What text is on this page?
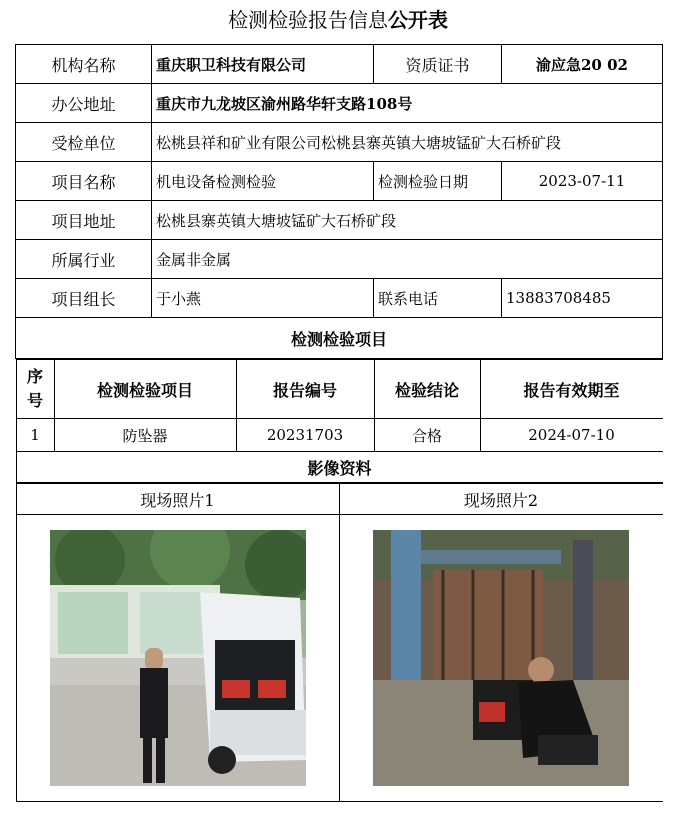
检测检验报告信息公开表
机构名称	重庆职卫科技有限公司	资质证书	渝应急20 02
办公地址	重庆市九龙坡区渝州路华轩支路108号
受检单位	松桃县祥和矿业有限公司松桃县寨英镇大塘坡锰矿大石桥矿段
项目名称	机电设备检测检验	检测检验日期	2023-07-11
项目地址	松桃县寨英镇大塘坡锰矿大石桥矿段
所属行业	金属非金属
项目组长	于小燕	联系电话	13883708485
检测检验项目

序号	检测检验项目	报告编号	检验结论	报告有效期至
1	防坠器	20231703	合格	2024-07-10
影像资料

现场照片1	现场照片2
